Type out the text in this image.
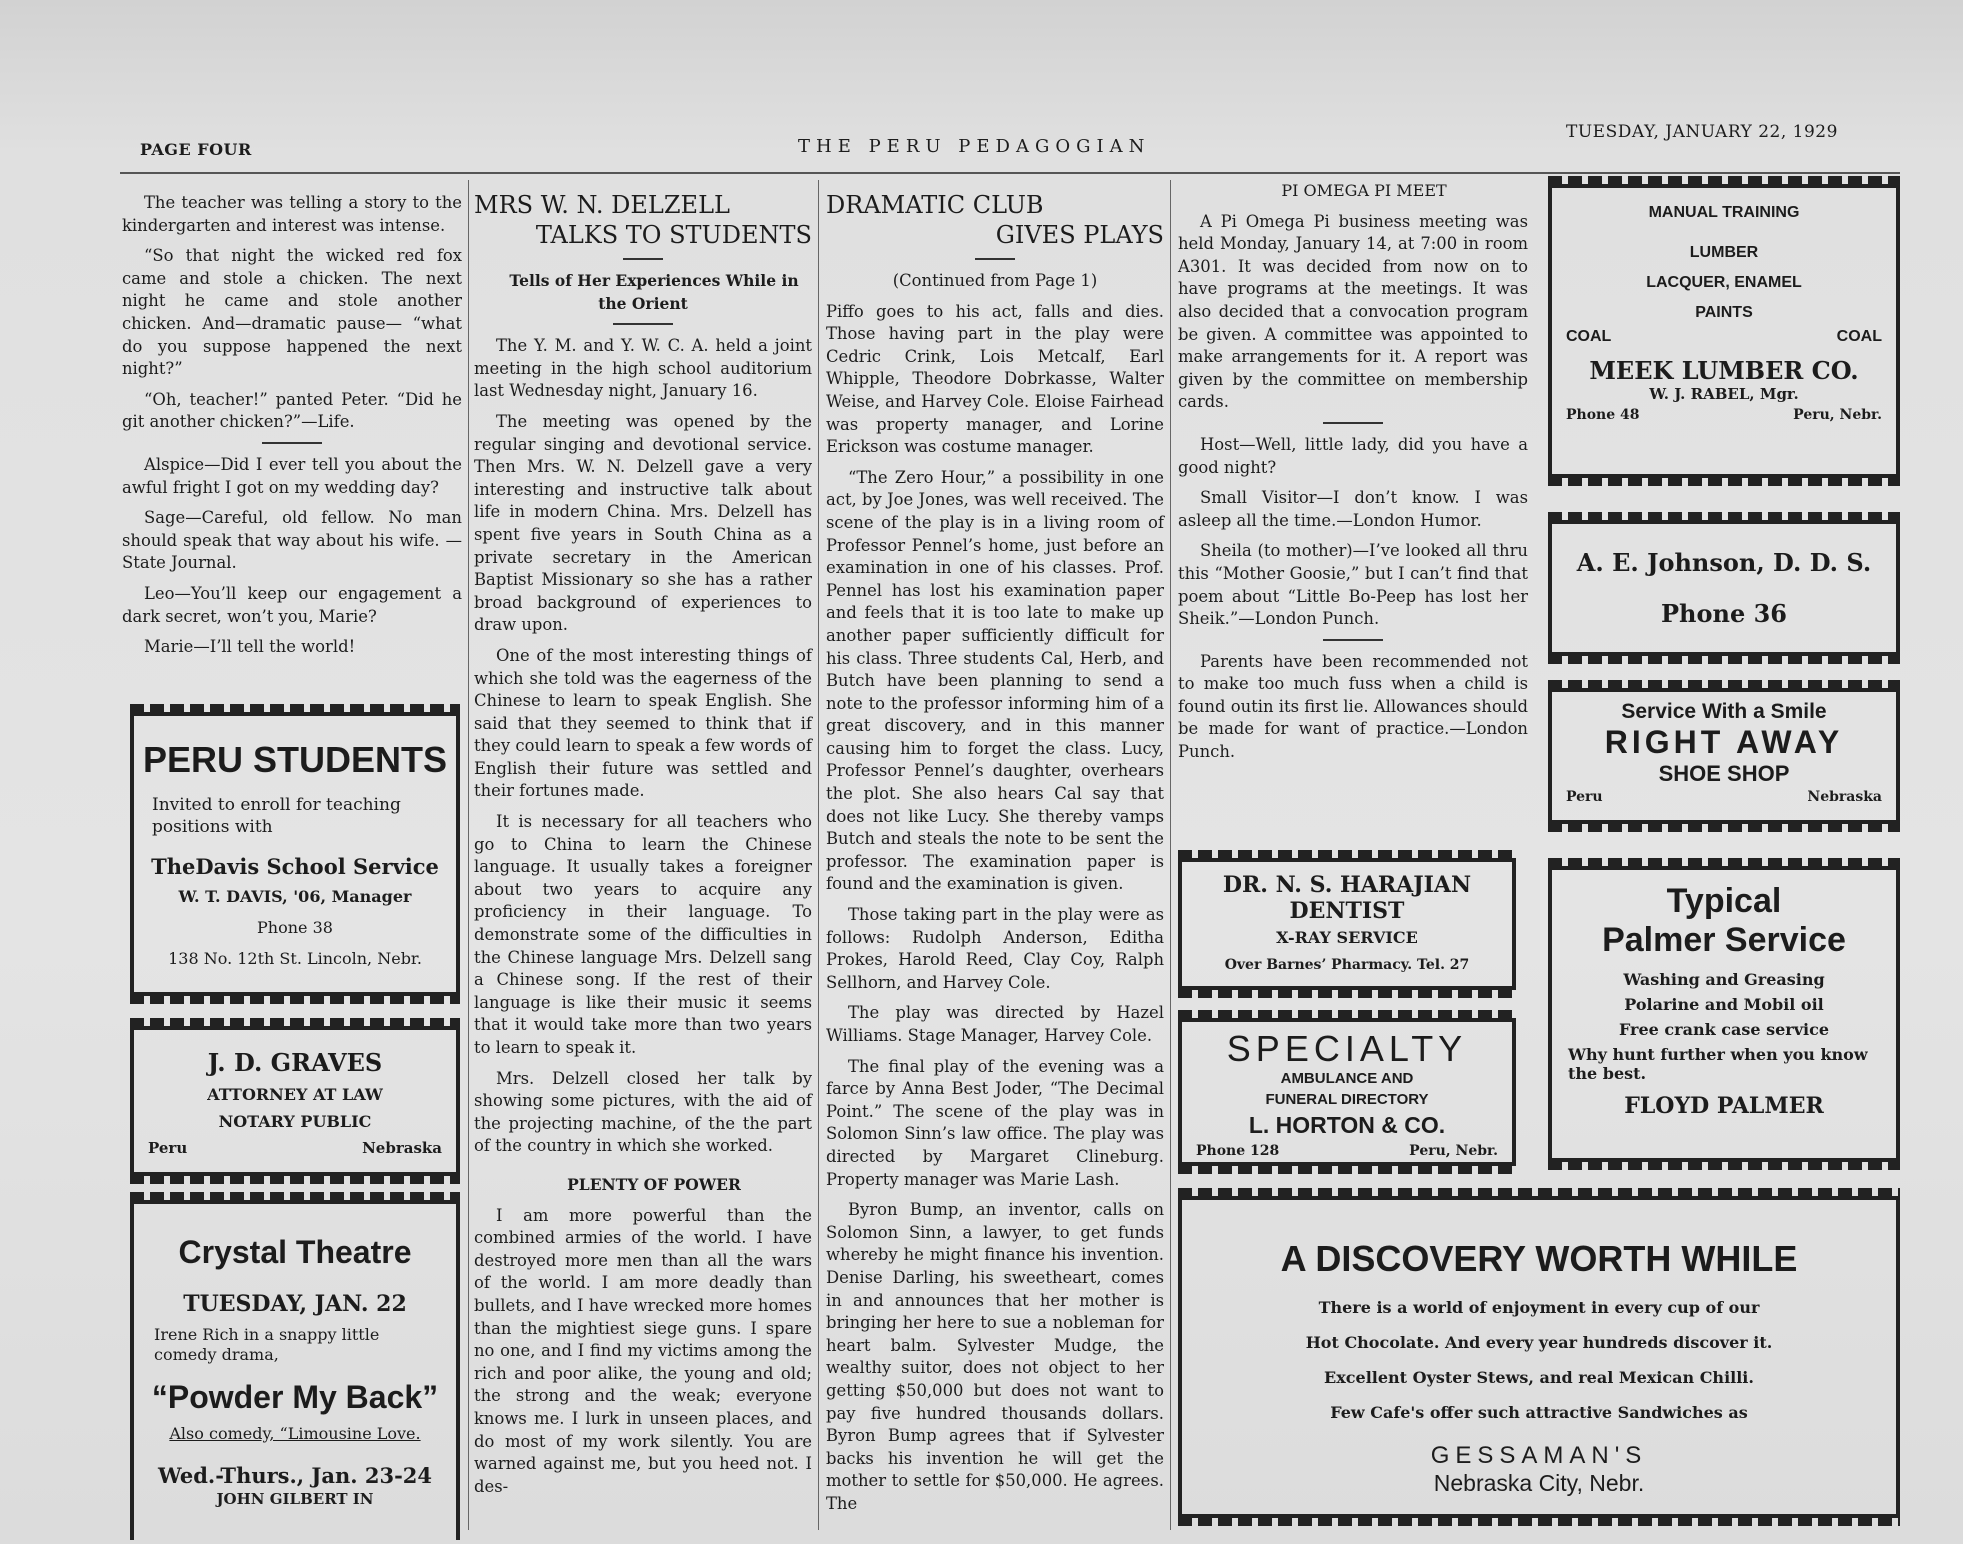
PAGE FOUR	THE PERU PEDAGOGIAN
TUESDAY, JANUARY 22, 1929

The teacher was telling a story to the kindergarten and interest was intense.

“So that night the wicked red fox came and stole a chicken. The next night he came and stole another chicken. And—dramatic pause— “what do you suppose happened the next night?”

“Oh, teacher!” panted Peter. “Did he git another chicken?”—Life.

Alspice—Did I ever tell you about the awful fright I got on my wedding day?

Sage—Careful, old fellow. No man should speak that way about his wife. —State Journal.

Leo—You’ll keep our engagement a dark secret, won’t you, Marie?

Marie—I’ll tell the world!

PERU STUDENTS
Invited to enroll for teaching positions with
TheDavis School Service
W. T. DAVIS, '06, Manager
Phone 38
138 No. 12th St. Lincoln, Nebr.
J. D. GRAVES
ATTORNEY AT LAW
NOTARY PUBLIC
Peru	Nebraska
Crystal Theatre
TUESDAY, JAN. 22
Irene Rich in a snappy little comedy drama,
“Powder My Back”
Also comedy, “Limousine Love.
Wed.-Thurs., Jan. 23-24
JOHN GILBERT IN
MRS W. N. DELZELL
TALKS TO STUDENTS

Tells of Her Experiences While in the Orient

The Y. M. and Y. W. C. A. held a joint meeting in the high school auditorium last Wednesday night, January 16.

The meeting was opened by the regular singing and devotional service. Then Mrs. W. N. Delzell gave a very interesting and instructive talk about life in modern China. Mrs. Delzell has spent five years in South China as a private secretary in the American Baptist Missionary so she has a rather broad background of experiences to draw upon.

One of the most interesting things of which she told was the eagerness of the Chinese to learn to speak English. She said that they seemed to think that if they could learn to speak a few words of English their future was settled and their fortunes made.

It is necessary for all teachers who go to China to learn the Chinese language. It usually takes a foreigner about two years to acquire any proficiency in their language. To demonstrate some of the difficulties in the Chinese language Mrs. Delzell sang a Chinese song. If the rest of their language is like their music it seems that it would take more than two years to learn to speak it.

Mrs. Delzell closed her talk by showing some pictures, with the aid of the projecting machine, of the the part of the country in which she worked.

PLENTY OF POWER

I am more powerful than the combined armies of the world. I have destroyed more men than all the wars of the world. I am more deadly than bullets, and I have wrecked more homes than the mightiest siege guns. I spare no one, and I find my victims among the rich and poor alike, the young and old; the strong and the weak; everyone knows me. I lurk in unseen places, and do most of my work silently. You are warned against me, but you heed not. I des-

DRAMATIC CLUB
GIVES PLAYS

(Continued from Page 1)

Piffo goes to his act, falls and dies. Those having part in the play were Cedric Crink, Lois Metcalf, Earl Whipple, Theodore Dobrkasse, Walter Weise, and Harvey Cole. Eloise Fairhead was property manager, and Lorine Erickson was costume manager.

“The Zero Hour,” a possibility in one act, by Joe Jones, was well received. The scene of the play is in a living room of Professor Pennel’s home, just before an examination in one of his classes. Prof. Pennel has lost his examination paper and feels that it is too late to make up another paper sufficiently difficult for his class. Three students Cal, Herb, and Butch have been planning to send a note to the professor informing him of a great discovery, and in this manner causing him to forget the class. Lucy, Professor Pennel’s daughter, overhears the plot. She also hears Cal say that does not like Lucy. She thereby vamps Butch and steals the note to be sent the professor. The examination paper is found and the examination is given.

Those taking part in the play were as follows: Rudolph Anderson, Editha Prokes, Harold Reed, Clay Coy, Ralph Sellhorn, and Harvey Cole.

The play was directed by Hazel Williams. Stage Manager, Harvey Cole.

The final play of the evening was a farce by Anna Best Joder, “The Decimal Point.” The scene of the play was in Solomon Sinn’s law office. The play was directed by Margaret Clineburg. Property manager was Marie Lash.

Byron Bump, an inventor, calls on Solomon Sinn, a lawyer, to get funds whereby he might finance his invention. Denise Darling, his sweetheart, comes in and announces that her mother is bringing her here to sue a nobleman for heart balm. Sylvester Mudge, the wealthy suitor, does not object to her getting $50,000 but does not want to pay five hundred thousands dollars. Byron Bump agrees that if Sylvester backs his invention he will get the mother to settle for $50,000. He agrees. The

PI OMEGA PI MEET

A Pi Omega Pi business meeting was held Monday, January 14, at 7:00 in room A301. It was decided from now on to have programs at the meetings. It was also decided that a convocation program be given. A committee was appointed to make arrangements for it. A report was given by the committee on membership cards.

Host—Well, little lady, did you have a good night?

Small Visitor—I don’t know. I was asleep all the time.—London Humor.

Sheila (to mother)—I’ve looked all thru this “Mother Goosie,” but I can’t find that poem about “Little Bo-Peep has lost her Sheik.”—London Punch.

Parents have been recommended not to make too much fuss when a child is found outin its first lie. Allowances should be made for want of practice.—London Punch.

DR. N. S. HARAJIAN
DENTIST
X-RAY SERVICE
Over Barnes’ Pharmacy. Tel. 27
SPECIALTY
AMBULANCE AND
FUNERAL DIRECTORY
L. HORTON & CO.
Phone 128	Peru, Nebr.
MANUAL TRAINING
LUMBER
LACQUER, ENAMEL
PAINTS
COAL	COAL
MEEK LUMBER CO.
W. J. RABEL, Mgr.
Phone 48	Peru, Nebr.
A. E. Johnson, D. D. S.
Phone 36
Service With a Smile
RIGHT AWAY
SHOE SHOP
Peru	Nebraska
Typical
Palmer Service
Washing and Greasing
Polarine and Mobil oil
Free crank case service
Why hunt further when you know the best.
FLOYD PALMER
A DISCOVERY WORTH WHILE
There is a world of enjoyment in every cup of our
Hot Chocolate. And every year hundreds discover it.
Excellent Oyster Stews, and real Mexican Chilli.
Few Cafe's offer such attractive Sandwiches as
GESSAMAN'S
Nebraska City, Nebr.
